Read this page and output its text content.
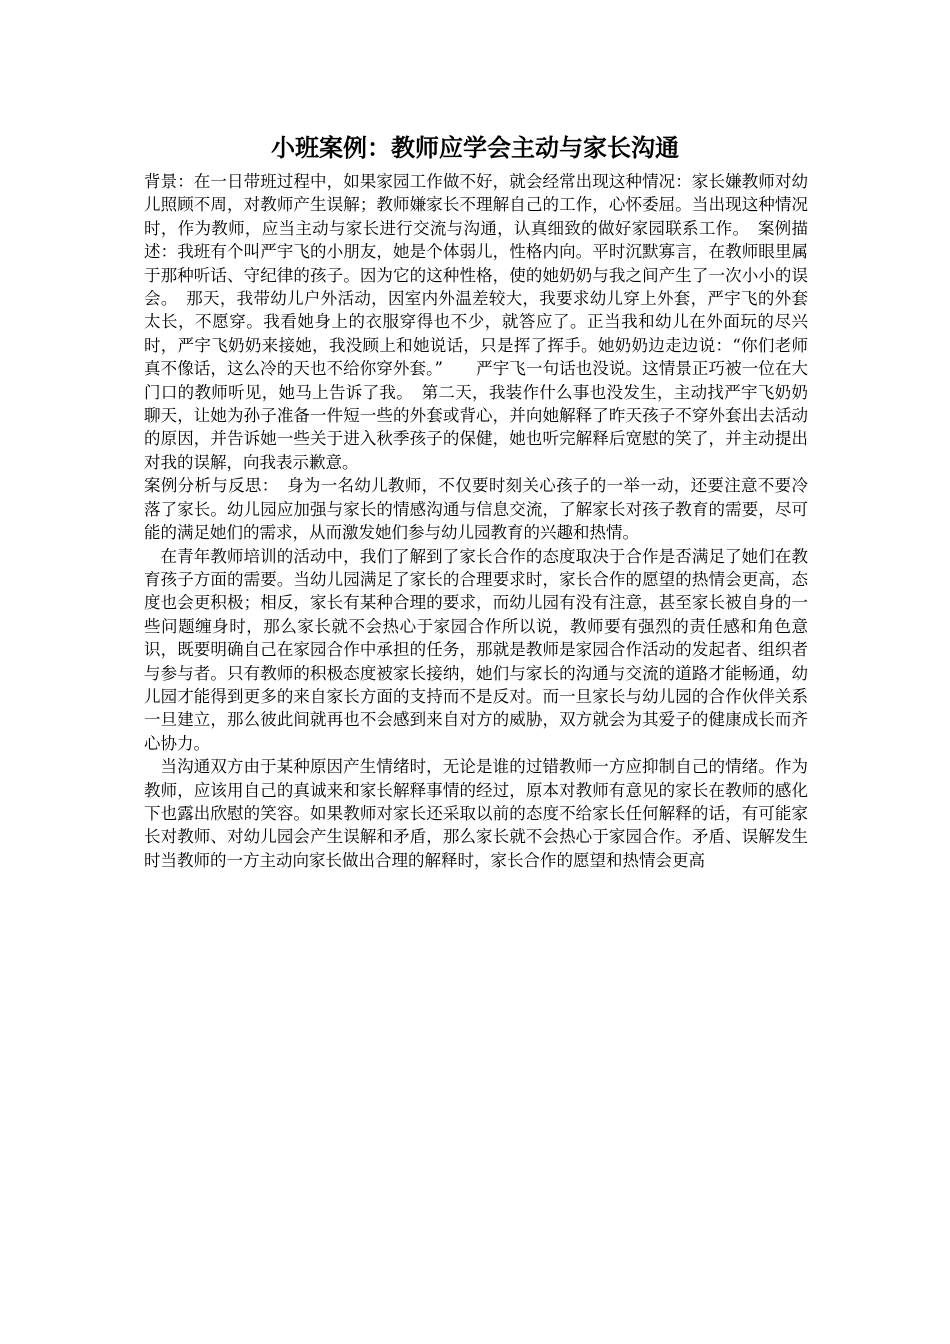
小班案例：教师应学会主动与家长沟通

背景：在一日带班过程中，如果家园工作做不好，就会经常出现这种情况：家长嫌教师对幼儿照顾不周，对教师产生误解；教师嫌家长不理解自己的工作，心怀委屈。当出现这种情况时，作为教师，应当主动与家长进行交流与沟通，认真细致的做好家园联系工作。　案例描述：我班有个叫严宇飞的小朋友，她是个体弱儿，性格内向。平时沉默寡言，在教师眼里属于那种听话、守纪律的孩子。因为它的这种性格，使的她奶奶与我之间产生了一次小小的误会。　那天，我带幼儿户外活动，因室内外温差较大，我要求幼儿穿上外套，严宇飞的外套太长，不愿穿。我看她身上的衣服穿得也不少，就答应了。正当我和幼儿在外面玩的尽兴时，严宇飞奶奶来接她，我没顾上和她说话，只是挥了挥手。她奶奶边走边说：“你们老师真不像话，这么冷的天也不给你穿外套。”　　严宇飞一句话也没说。这情景正巧被一位在大门口的教师听见，她马上告诉了我。　第二天，我装作什么事也没发生，主动找严宇飞奶奶聊天，让她为孙子准备一件短一些的外套或背心，并向她解释了昨天孩子不穿外套出去活动的原因，并告诉她一些关于进入秋季孩子的保健，她也听完解释后宽慰的笑了，并主动提出对我的误解，向我表示歉意。

案例分析与反思：　身为一名幼儿教师，不仅要时刻关心孩子的一举一动，还要注意不要冷落了家长。幼儿园应加强与家长的情感沟通与信息交流，了解家长对孩子教育的需要，尽可能的满足她们的需求，从而激发她们参与幼儿园教育的兴趣和热情。

在青年教师培训的活动中，我们了解到了家长合作的态度取决于合作是否满足了她们在教育孩子方面的需要。当幼儿园满足了家长的合理要求时，家长合作的愿望的热情会更高，态度也会更积极；相反，家长有某种合理的要求，而幼儿园有没有注意，甚至家长被自身的一些问题缠身时，那么家长就不会热心于家园合作所以说，教师要有强烈的责任感和角色意识，既要明确自己在家园合作中承担的任务，那就是教师是家园合作活动的发起者、组织者与参与者。只有教师的积极态度被家长接纳，她们与家长的沟通与交流的道路才能畅通，幼儿园才能得到更多的来自家长方面的支持而不是反对。而一旦家长与幼儿园的合作伙伴关系一旦建立，那么彼此间就再也不会感到来自对方的威胁，双方就会为其爱子的健康成长而齐心协力。

当沟通双方由于某种原因产生情绪时，无论是谁的过错教师一方应抑制自己的情绪。作为教师，应该用自己的真诚来和家长解释事情的经过，原本对教师有意见的家长在教师的感化下也露出欣慰的笑容。如果教师对家长还采取以前的态度不给家长任何解释的话，有可能家长对教师、对幼儿园会产生误解和矛盾，那么家长就不会热心于家园合作。矛盾、误解发生时当教师的一方主动向家长做出合理的解释时，家长合作的愿望和热情会更高
